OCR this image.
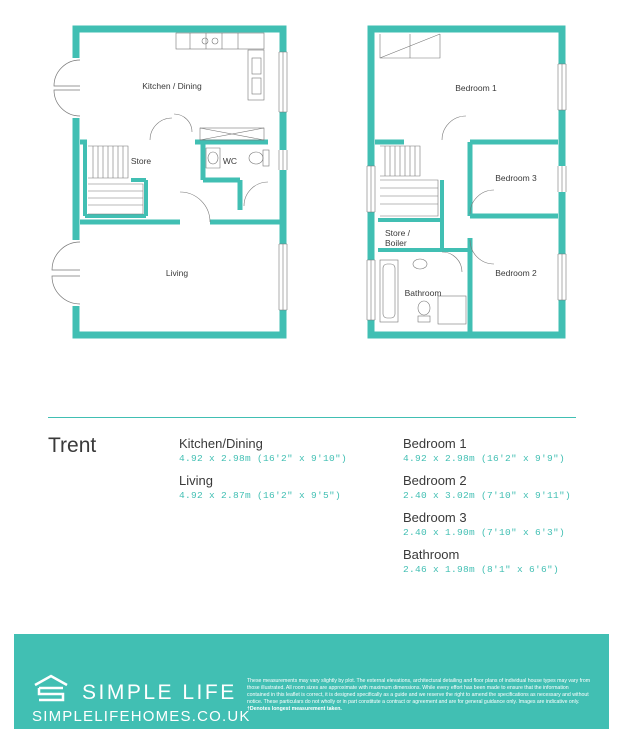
Kitchen / Dining
Store	WC
Living
Bedroom 1
Bedroom 3
Store /
Boiler
Bedroom 2
Bathroom
Trent	Kitchen/Dining
4.92 x 2.98m (16'2" x 9'10")
Living
4.92 x 2.87m (16'2" x 9'5")
Bedroom 1
4.92 x 2.98m (16'2" x 9'9")
Bedroom 2
2.40 x 3.02m (7'10" x 9'11")
Bedroom 3
2.40 x 1.90m (7'10" x 6'3")
Bathroom
2.46 x 1.98m (8'1" x 6'6")
SIMPLE LIFE
SIMPLELIFEHOMES.CO.UK
These measurements may vary slightly by plot. The external elevations, architectural detailing and floor plans of individual house types may vary from those illustrated. All room sizes are approximate with maximum dimensions. While every effort has been made to ensure that the information contained in this leaflet is correct, it is designed specifically as a guide and we reserve the right to amend the specifications as necessary and without notice. These particulars do not wholly or in part constitute a contract or agreement and are for general guidance only. Images are indicative only.
†Denotes longest measurement taken.
